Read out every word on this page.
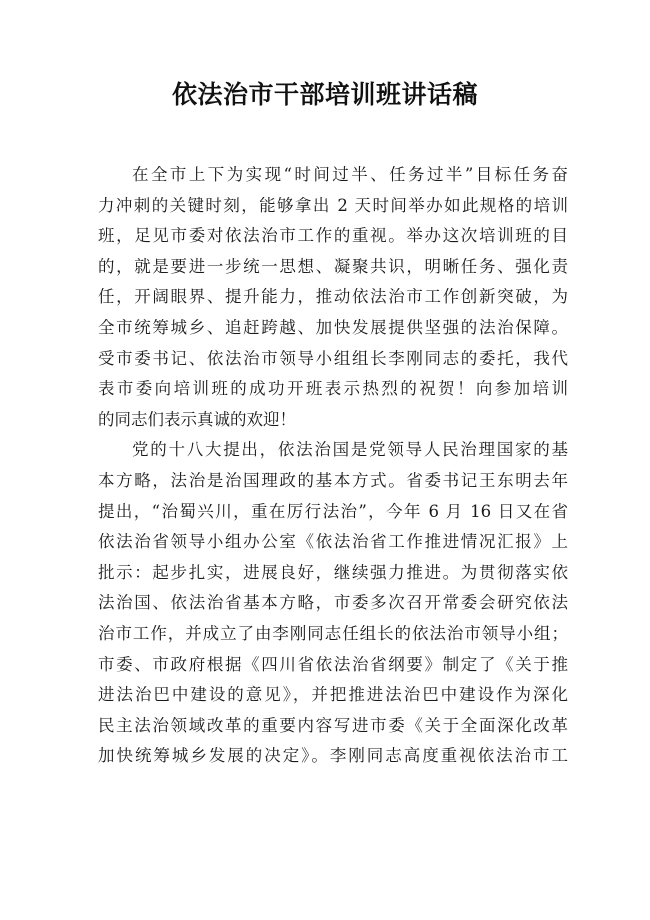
依法治市干部培训班讲话稿
在全市上下为实现“时间过半、任务过半”目标任务奋
力冲刺的关键时刻，能够拿出 2 天时间举办如此规格的培训
班，足见市委对依法治市工作的重视。举办这次培训班的目
的，就是要进一步统一思想、凝聚共识，明晰任务、强化责
任，开阔眼界、提升能力，推动依法治市工作创新突破，为
全市统筹城乡、追赶跨越、加快发展提供坚强的法治保障。
受市委书记、依法治市领导小组组长李刚同志的委托，我代
表市委向培训班的成功开班表示热烈的祝贺！向参加培训
的同志们表示真诚的欢迎！
党的十八大提出，依法治国是党领导人民治理国家的基
本方略，法治是治国理政的基本方式。省委书记王东明去年
提出，“治蜀兴川，重在厉行法治”，今年 6 月 16 日又在省
依法治省领导小组办公室《依法治省工作推进情况汇报》上
批示：起步扎实，进展良好，继续强力推进。为贯彻落实依
法治国、依法治省基本方略，市委多次召开常委会研究依法
治市工作，并成立了由李刚同志任组长的依法治市领导小组；
市委、市政府根据《四川省依法治省纲要》制定了《关于推
进法治巴中建设的意见》，并把推进法治巴中建设作为深化
民主法治领域改革的重要内容写进市委《关于全面深化改革
加快统筹城乡发展的决定》。李刚同志高度重视依法治市工
